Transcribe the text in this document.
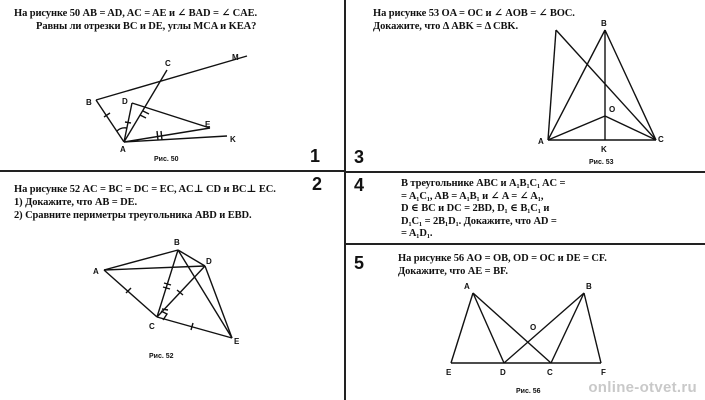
На рисунке 50 AB = AD, AC = AE и ∠ BAD = ∠ CAE.
Равны ли отрезки BC и DE, углы MCA и KEA?
B
C
D
A
E
M
K
Рис. 50	1
На рисунке 52 AC = BC = DC = EC, AC⊥ CD и BC⊥ EC.
1) Докажите, что AB = DE.
2) Сравните периметры треугольника ABD и EBD.
2
A
B
D
C
E
Рис. 52
На рисунке 53 OA = OC и ∠ AOB = ∠ BOC.
Докажите, что Δ ABK = Δ CBK.	B
O
K
A	C
Рис. 53
3
4	В треугольнике ABC и A₁B₁C₁ AC =
= A₁C₁, AB = A₁B₁ и ∠ A = ∠ A₁,
D ∈ BC и DC = 2BD, D₁ ∈ B₁C₁ и
D₁C₁ = 2B₁D₁. Докажите, что AD =
= A₁D₁.
5	На рисунке 56 AO = OB, OD = OC и DE = CF.
Докажите, что AE = BF.
A	B
O
E	D	C	F
Рис. 56	online-otvet.ru
